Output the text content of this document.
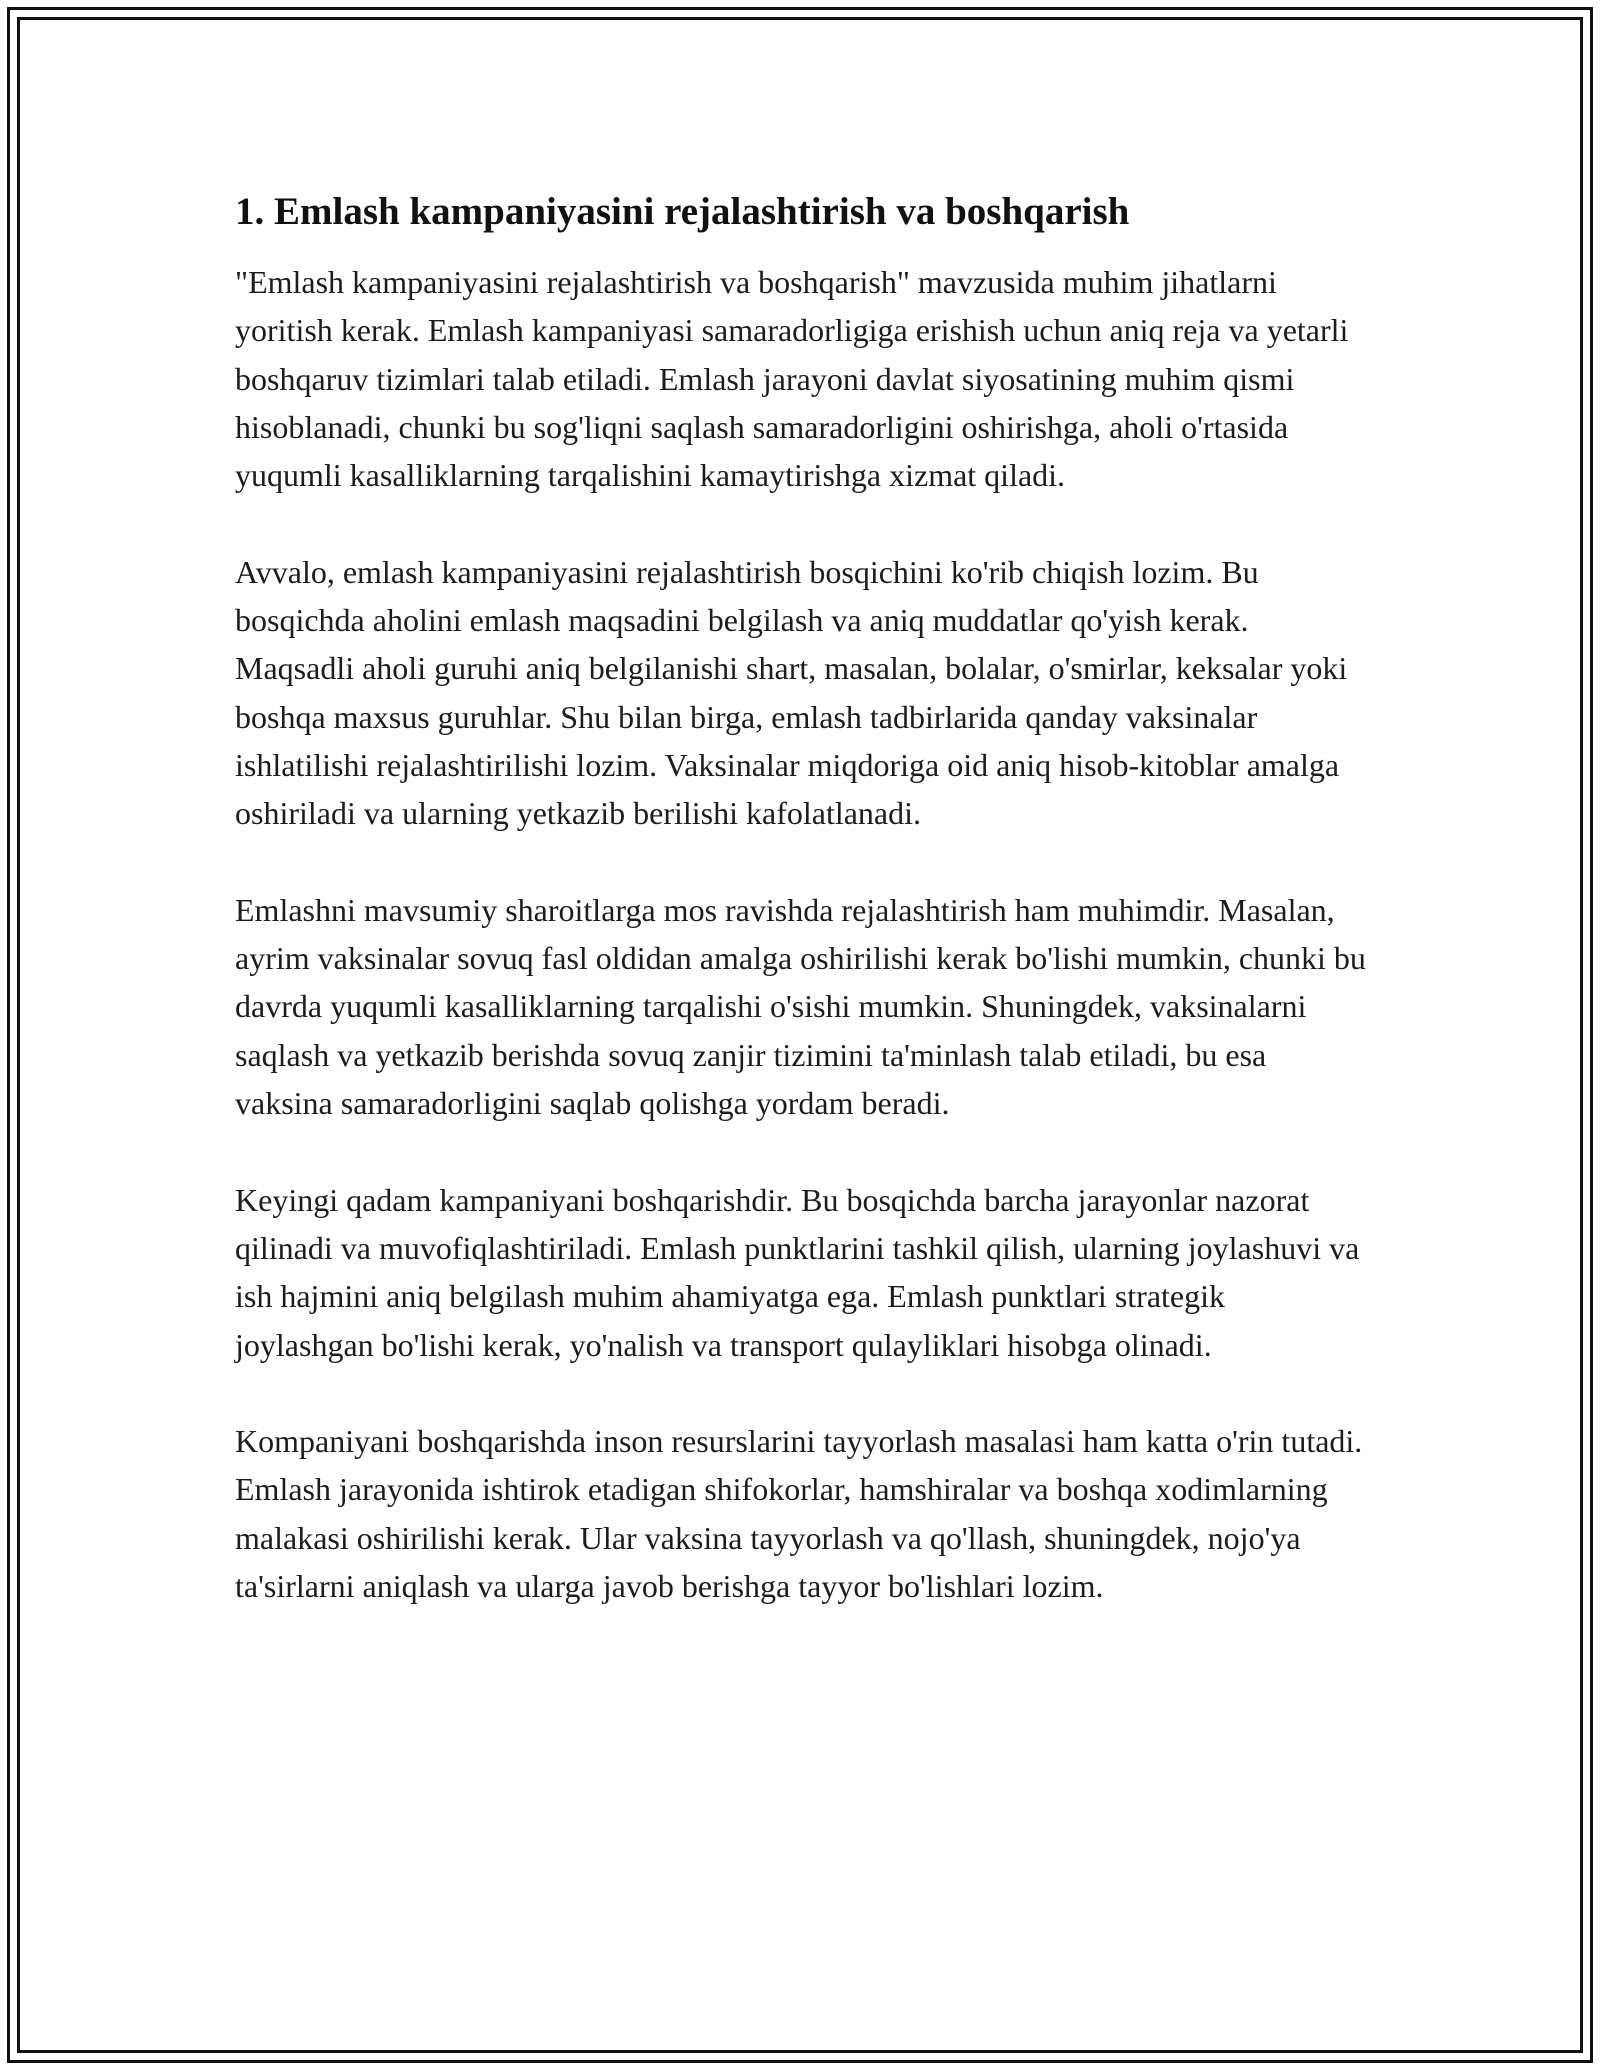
1. Emlash kampaniyasini rejalashtirish va boshqarish

"Emlash kampaniyasini rejalashtirish va boshqarish" mavzusida muhim jihatlarni yoritish kerak. Emlash kampaniyasi samaradorligiga erishish uchun aniq reja va yetarli boshqaruv tizimlari talab etiladi. Emlash jarayoni davlat siyosatining muhim qismi hisoblanadi, chunki bu sog'liqni saqlash samaradorligini oshirishga, aholi o'rtasida yuqumli kasalliklarning tarqalishini kamaytirishga xizmat qiladi.

Avvalo, emlash kampaniyasini rejalashtirish bosqichini ko'rib chiqish lozim. Bu bosqichda aholini emlash maqsadini belgilash va aniq muddatlar qo'yish kerak. Maqsadli aholi guruhi aniq belgilanishi shart, masalan, bolalar, o'smirlar, keksalar yoki boshqa maxsus guruhlar. Shu bilan birga, emlash tadbirlarida qanday vaksinalar ishlatilishi rejalashtirilishi lozim. Vaksinalar miqdoriga oid aniq hisob-kitoblar amalga oshiriladi va ularning yetkazib berilishi kafolatlanadi.

Emlashni mavsumiy sharoitlarga mos ravishda rejalashtirish ham muhimdir. Masalan, ayrim vaksinalar sovuq fasl oldidan amalga oshirilishi kerak bo'lishi mumkin, chunki bu davrda yuqumli kasalliklarning tarqalishi o'sishi mumkin. Shuningdek, vaksinalarni saqlash va yetkazib berishda sovuq zanjir tizimini ta'minlash talab etiladi, bu esa vaksina samaradorligini saqlab qolishga yordam beradi.

Keyingi qadam kampaniyani boshqarishdir. Bu bosqichda barcha jarayonlar nazorat qilinadi va muvofiqlashtiriladi. Emlash punktlarini tashkil qilish, ularning joylashuvi va ish hajmini aniq belgilash muhim ahamiyatga ega. Emlash punktlari strategik joylashgan bo'lishi kerak, yo'nalish va transport qulayliklari hisobga olinadi.

Kompaniyani boshqarishda inson resurslarini tayyorlash masalasi ham katta o'rin tutadi. Emlash jarayonida ishtirok etadigan shifokorlar, hamshiralar va boshqa xodimlarning malakasi oshirilishi kerak. Ular vaksina tayyorlash va qo'llash, shuningdek, nojo'ya ta'sirlarni aniqlash va ularga javob berishga tayyor bo'lishlari lozim.
